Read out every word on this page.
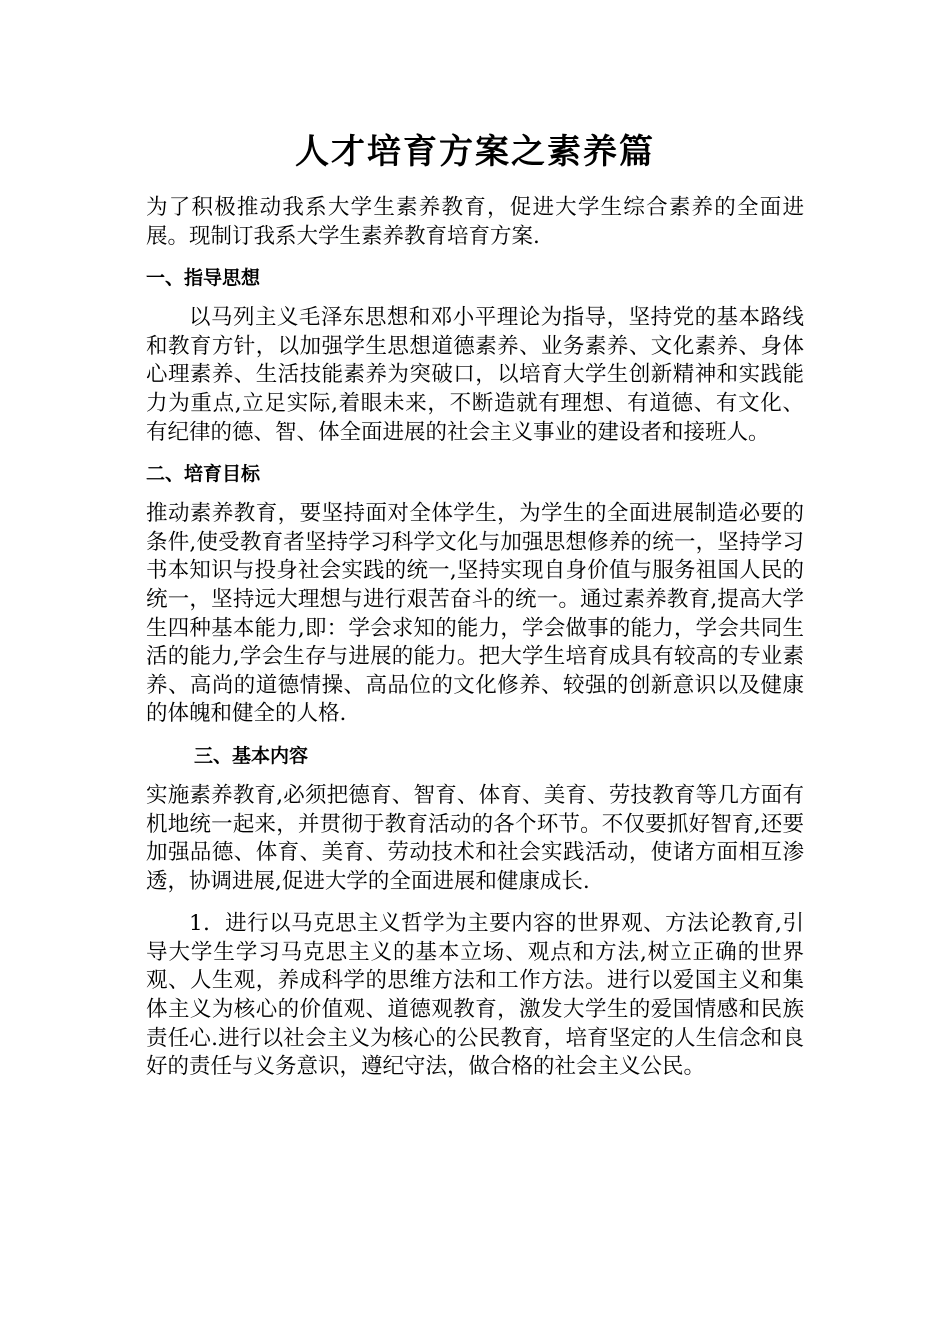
人才培育方案之素养篇

为了积极推动我系大学生素养教育，促进大学生综合素养的全面进展。现制订我系大学生素养教育培育方案.

一、指导思想

以马列主义毛泽东思想和邓小平理论为指导，坚持党的基本路线和教育方针，以加强学生思想道德素养、业务素养、文化素养、身体心理素养、生活技能素养为突破口，以培育大学生创新精神和实践能力为重点,立足实际,着眼未来，不断造就有理想、有道德、有文化、有纪律的德、智、体全面进展的社会主义事业的建设者和接班人。

二、培育目标

推动素养教育，要坚持面对全体学生，为学生的全面进展制造必要的条件,使受教育者坚持学习科学文化与加强思想修养的统一，坚持学习书本知识与投身社会实践的统一,坚持实现自身价值与服务祖国人民的统一，坚持远大理想与进行艰苦奋斗的统一。通过素养教育,提高大学生四种基本能力,即：学会求知的能力，学会做事的能力，学会共同生活的能力,学会生存与进展的能力。把大学生培育成具有较高的专业素养、高尚的道德情操、高品位的文化修养、较强的创新意识以及健康的体魄和健全的人格.

三、基本内容

实施素养教育,必须把德育、智育、体育、美育、劳技教育等几方面有机地统一起来，并贯彻于教育活动的各个环节。不仅要抓好智育,还要加强品德、体育、美育、劳动技术和社会实践活动，使诸方面相互渗透，协调进展,促进大学的全面进展和健康成长.

1．进行以马克思主义哲学为主要内容的世界观、方法论教育,引导大学生学习马克思主义的基本立场、观点和方法,树立正确的世界观、人生观，养成科学的思维方法和工作方法。进行以爱国主义和集体主义为核心的价值观、道德观教育，激发大学生的爱国情感和民族责任心.进行以社会主义为核心的公民教育，培育坚定的人生信念和良好的责任与义务意识，遵纪守法，做合格的社会主义公民。
